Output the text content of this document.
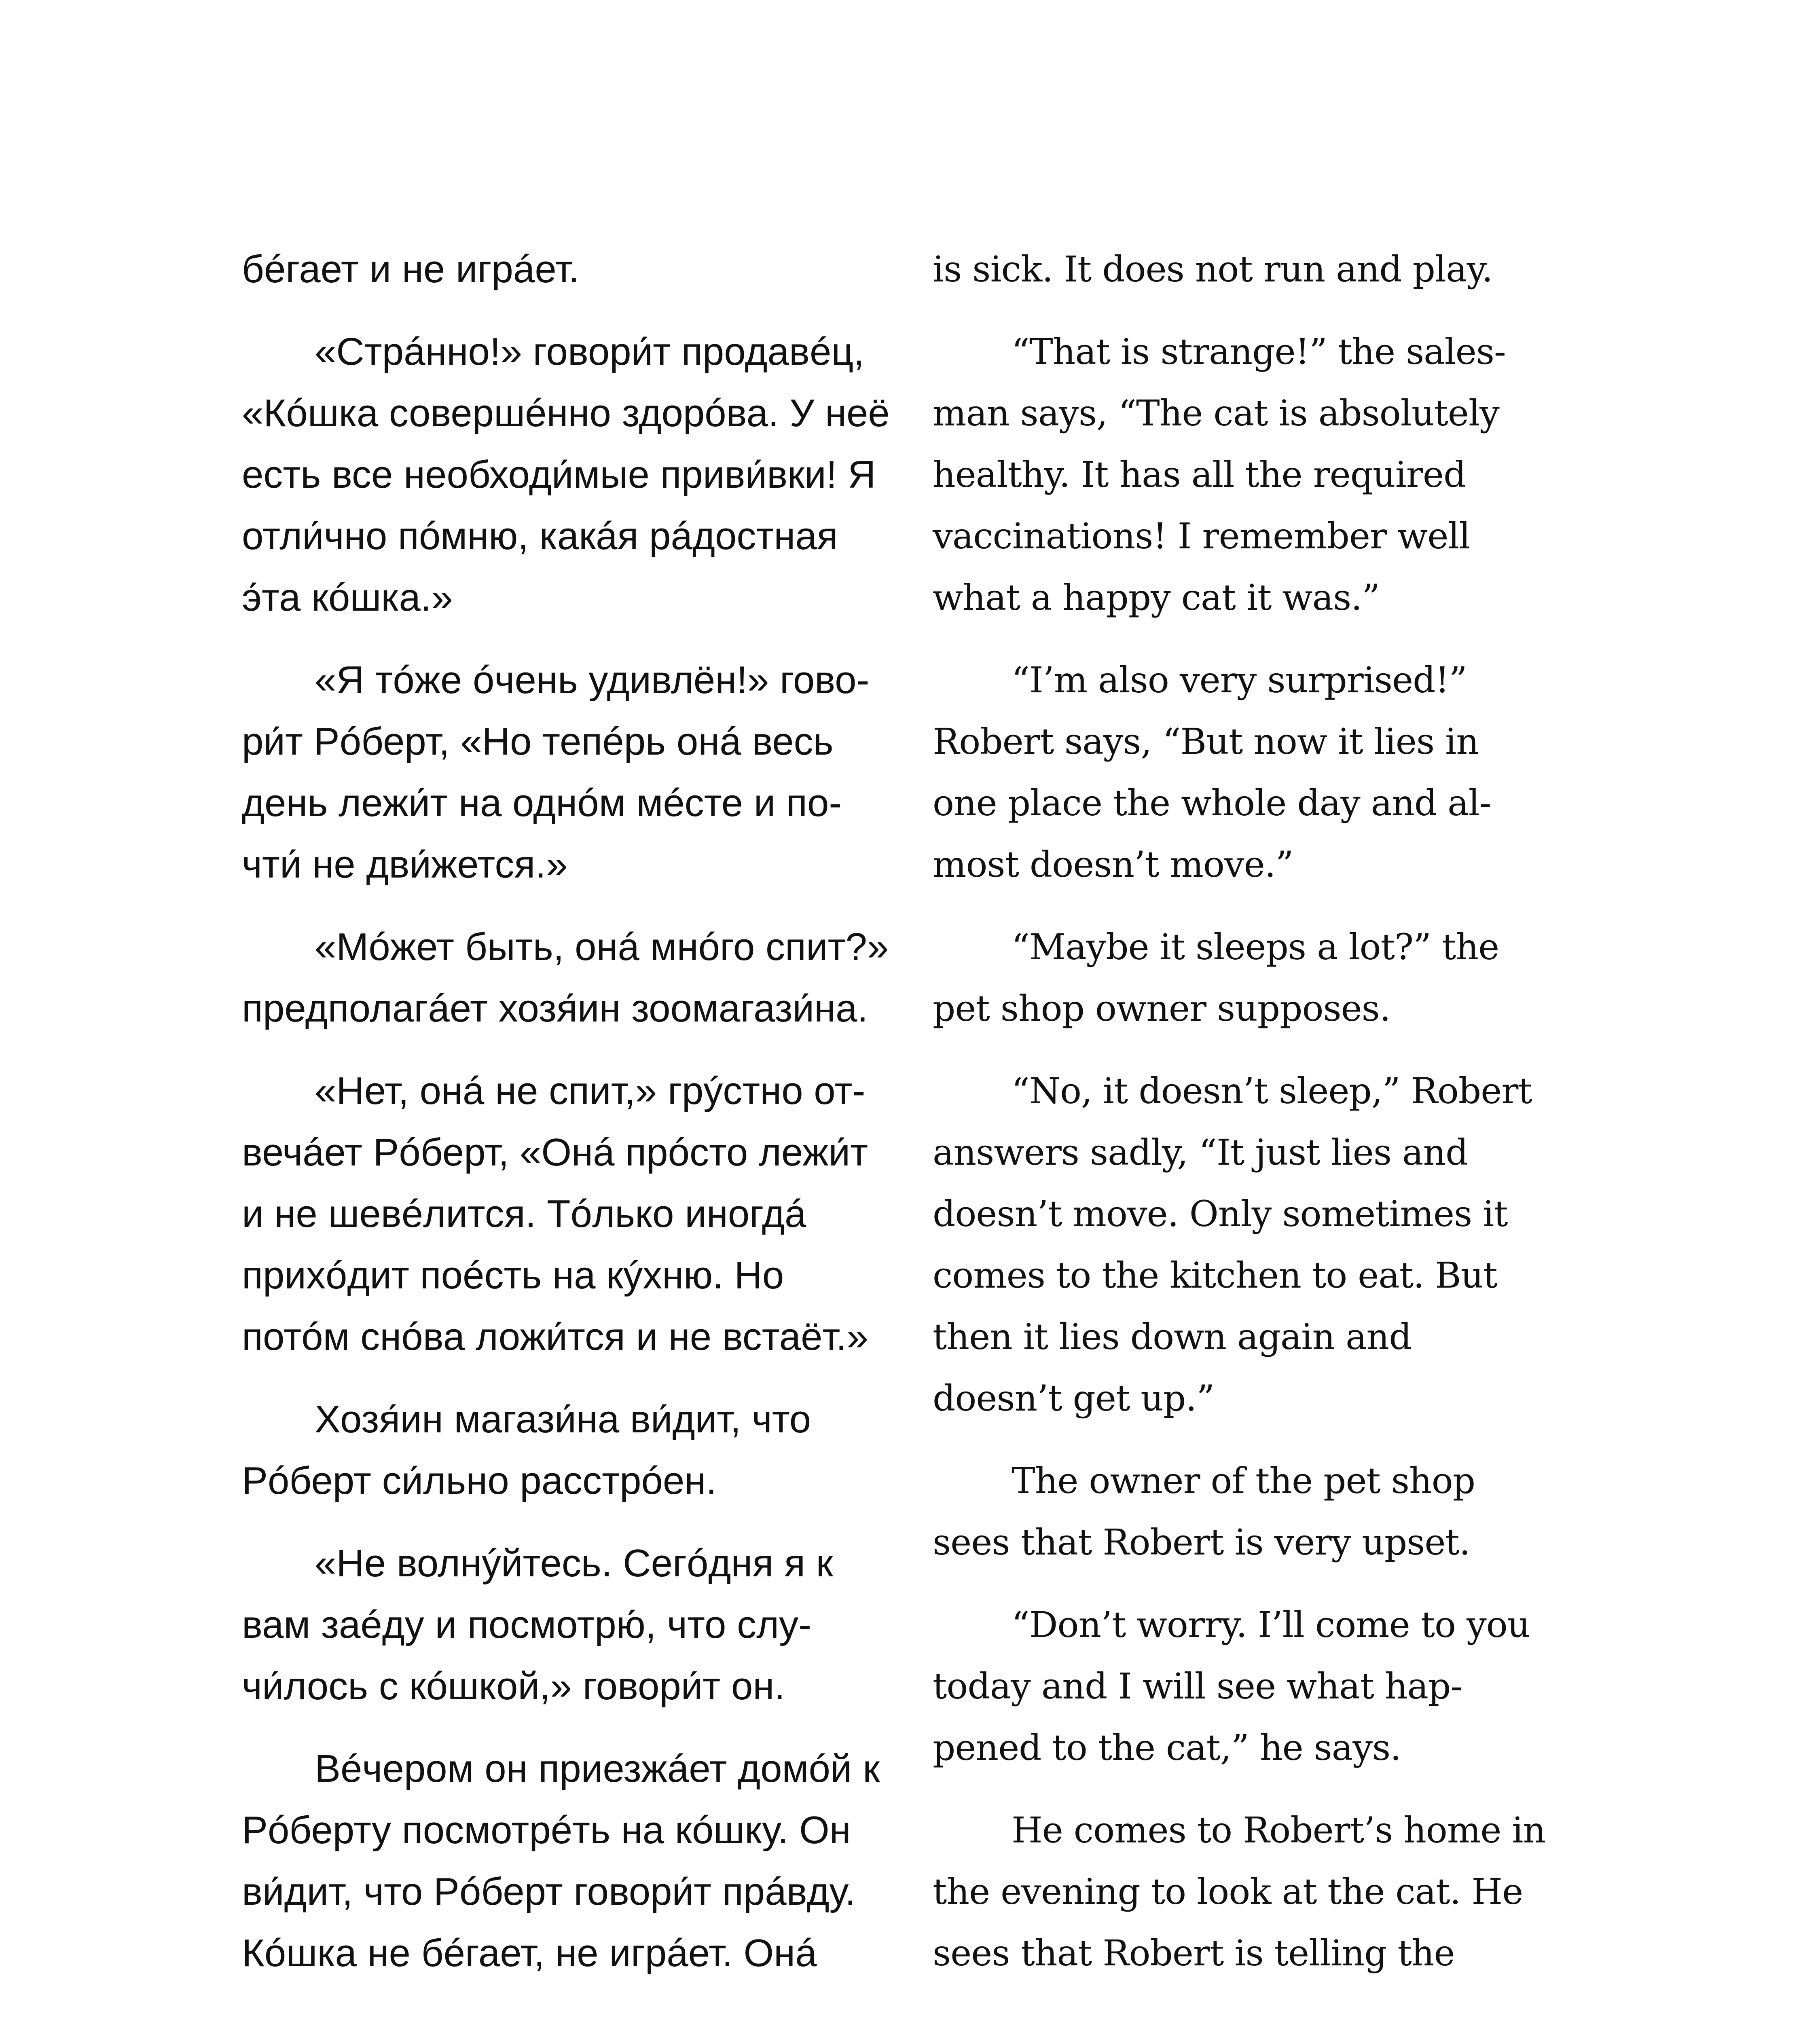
бéгает и не игрáет.
«Стрáнно!» говори́т продавéц,
«Кóшка совершéнно здорóва. У неё
есть все необходи́мые приви́вки! Я
отли́чно пóмню, какáя рáдостная
э́та кóшка.»
«Я тóже óчень удивлён!» гово-
ри́т Рóберт, «Но тепéрь онá весь
день лежи́т на однóм мéсте и по-
чти́ не дви́жется.»
«Мóжет быть, онá мнóго спит?»
предполагáет хозя́ин зоомагази́на.
«Нет, онá не спит,» грýстно от-
вечáет Рóберт, «Онá прóсто лежи́т
и не шевéлится. Тóлько иногдá
прихóдит поéсть на кýхню. Но
потóм снóва ложи́тся и не встаёт.»
Хозя́ин магази́на ви́дит, что
Рóберт си́льно расстрóен.
«Не волнýйтесь. Сегóдня я к
вам заéду и посмотрю́, что слу-
чи́лось с кóшкой,» говори́т он.
Вéчером он приезжáет домóй к
Рóберту посмотрéть на кóшку. Он
ви́дит, что Рóберт говори́т прáвду.
Кóшка не бéгает, не игрáет. Онá
is sick. It does not run and play.
“That is strange!” the sales-
man says, “The cat is absolutely
healthy. It has all the required
vaccinations! I remember well
what a happy cat it was.”
“I’m also very surprised!”
Robert says, “But now it lies in
one place the whole day and al-
most doesn’t move.”
“Maybe it sleeps a lot?” the
pet shop owner supposes.
“No, it doesn’t sleep,” Robert
answers sadly, “It just lies and
doesn’t move. Only sometimes it
comes to the kitchen to eat. But
then it lies down again and
doesn’t get up.”
The owner of the pet shop
sees that Robert is very upset.
“Don’t worry. I’ll come to you
today and I will see what hap-
pened to the cat,” he says.
He comes to Robert’s home in
the evening to look at the cat. He
sees that Robert is telling the
